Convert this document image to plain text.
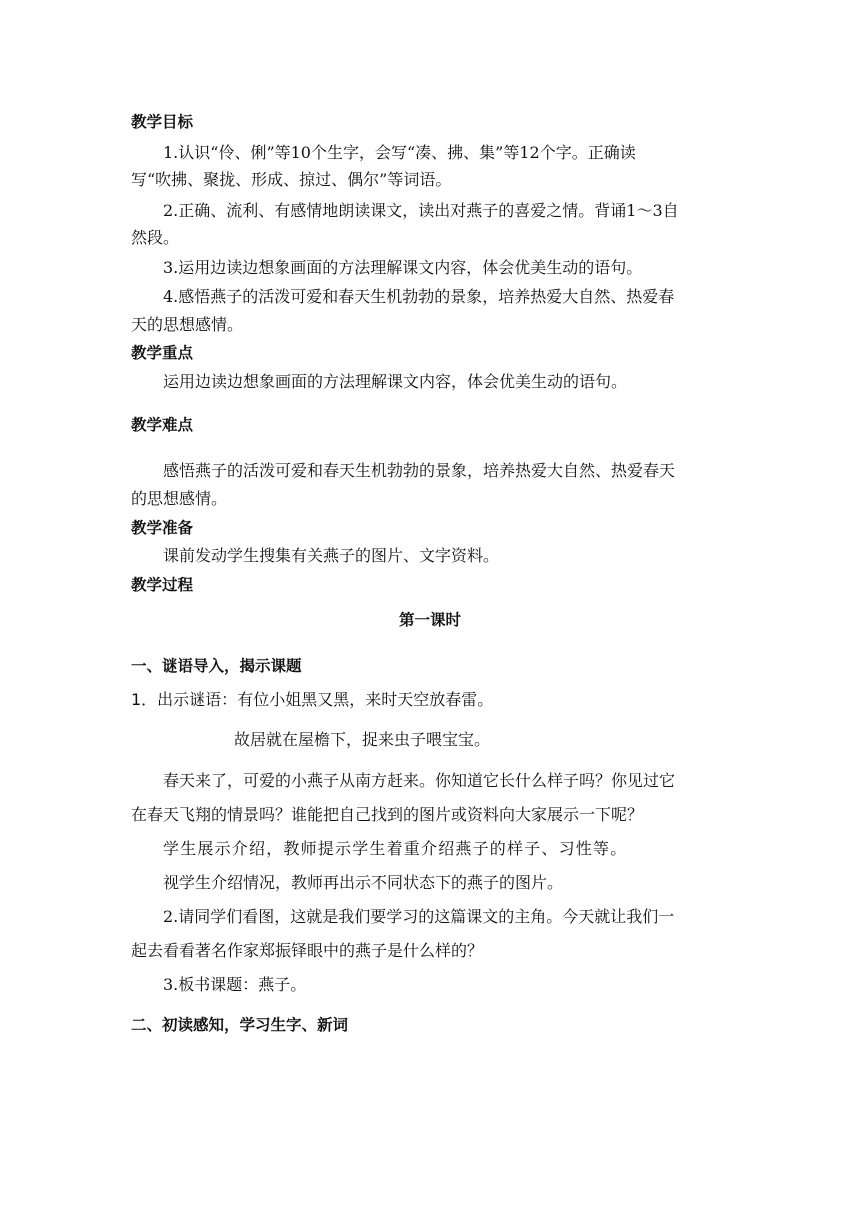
教学目标
1.认识“伶、俐”等10个生字，会写“凑、拂、集”等12个字。正确读
写“吹拂、聚拢、形成、掠过、偶尔”等词语。
2.正确、流利、有感情地朗读课文，读出对燕子的喜爱之情。背诵1～3自
然段。
3.运用边读边想象画面的方法理解课文内容，体会优美生动的语句。
4.感悟燕子的活泼可爱和春天生机勃勃的景象，培养热爱大自然、热爱春
天的思想感情。
教学重点
运用边读边想象画面的方法理解课文内容，体会优美生动的语句。
教学难点
感悟燕子的活泼可爱和春天生机勃勃的景象，培养热爱大自然、热爱春天
的思想感情。
教学准备
课前发动学生搜集有关燕子的图片、文字资料。
教学过程
第一课时
一、谜语导入，揭示课题
1．出示谜语：有位小姐黑又黑，来时天空放春雷。
故居就在屋檐下，捉来虫子喂宝宝。
春天来了，可爱的小燕子从南方赶来。你知道它长什么样子吗？你见过它
在春天飞翔的情景吗？谁能把自己找到的图片或资料向大家展示一下呢？
学生展示介绍，教师提示学生着重介绍燕子的样子、习性等。
视学生介绍情况，教师再出示不同状态下的燕子的图片。
2.请同学们看图，这就是我们要学习的这篇课文的主角。今天就让我们一
起去看看著名作家郑振铎眼中的燕子是什么样的？
3.板书课题：燕子。
二、初读感知，学习生字、新词
